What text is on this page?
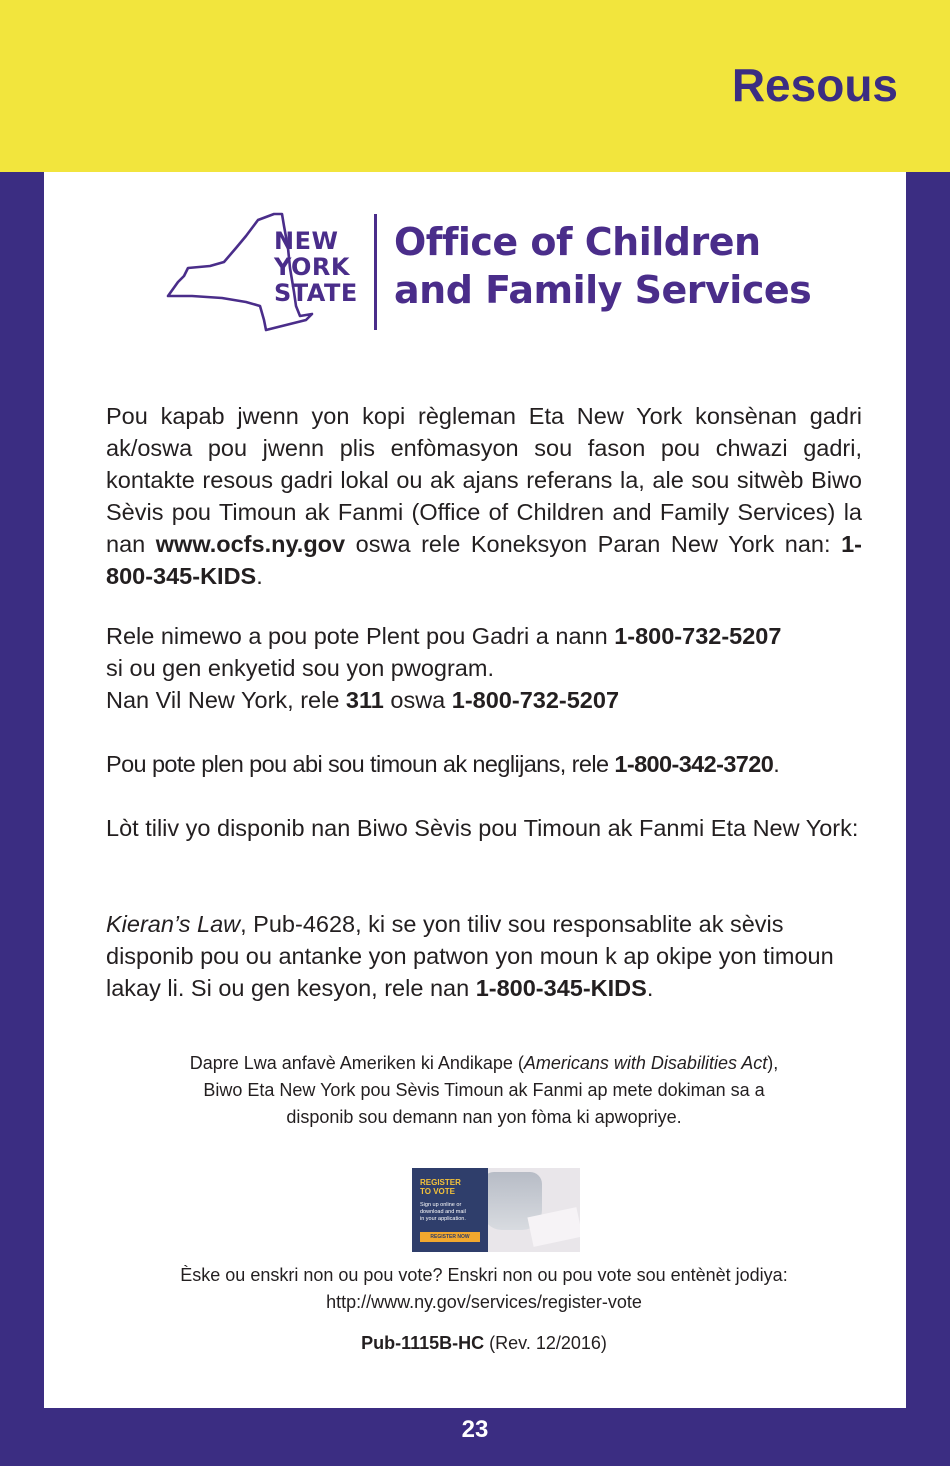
Resous
NEW
YORK
STATE
Office of Children
and Family Services
Pou kapab jwenn yon kopi règleman Eta New York konsènan gadri ak/oswa pou jwenn plis enfòmasyon sou fason pou chwazi gadri, kontakte resous gadri lokal ou ak ajans referans la, ale sou sitwèb Biwo Sèvis pou Timoun ak Fanmi (Office of Children and Family Services) la nan www.ocfs.ny.gov oswa rele Koneksyon Paran New York nan: 1-800-345-KIDS.
Rele nimewo a pou pote Plent pou Gadri a nann 1-800-732-5207
si ou gen enkyetid sou yon pwogram.
Nan Vil New York, rele 311 oswa 1-800-732-5207
Pou pote plen pou abi sou timoun ak neglijans, rele 1-800-342-3720.
Lòt tiliv yo disponib nan Biwo Sèvis pou Timoun ak Fanmi Eta New York:
Kieran’s Law, Pub-4628, ki se yon tiliv sou responsablite ak sèvis disponib pou ou antanke yon patwon yon moun k ap okipe yon timoun lakay li. Si ou gen kesyon, rele nan 1-800-345-KIDS.
Dapre Lwa anfavè Ameriken ki Andikape (Americans with Disabilities Act),
Biwo Eta New York pou Sèvis Timoun ak Fanmi ap mete dokiman sa a
disponib sou demann nan yon fòma ki apwopriye.
REGISTER
TO VOTE
Sign up online or
download and mail
in your application.
REGISTER NOW
Èske ou enskri non ou pou vote? Enskri non ou pou vote sou entènèt jodiya:
http://www.ny.gov/services/register-vote
Pub-1115B-HC (Rev. 12/2016)
23
